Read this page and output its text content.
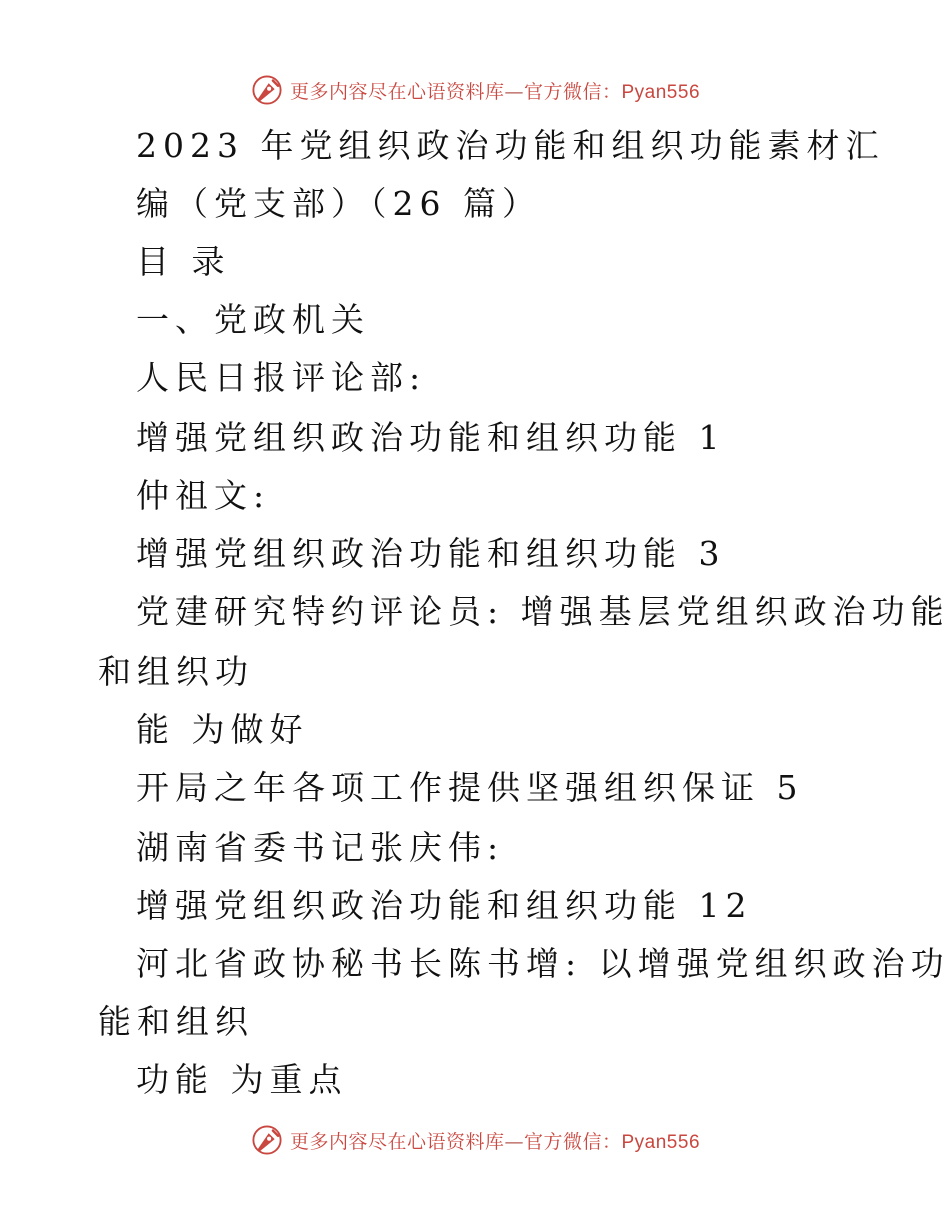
更多内容尽在心语资料库—官方微信：Pyan556
2023 年党组织政治功能和组织功能素材汇
编（党支部）（26 篇）
目 录
一、党政机关
人民日报评论部:
增强党组织政治功能和组织功能 1
仲祖文:
增强党组织政治功能和组织功能 3
党建研究特约评论员: 增强基层党组织政治功能
和组织功
能 为做好
开局之年各项工作提供坚强组织保证 5
湖南省委书记张庆伟:
增强党组织政治功能和组织功能 12
河北省政协秘书长陈书增: 以增强党组织政治功
能和组织
功能 为重点
更多内容尽在心语资料库—官方微信：Pyan556
